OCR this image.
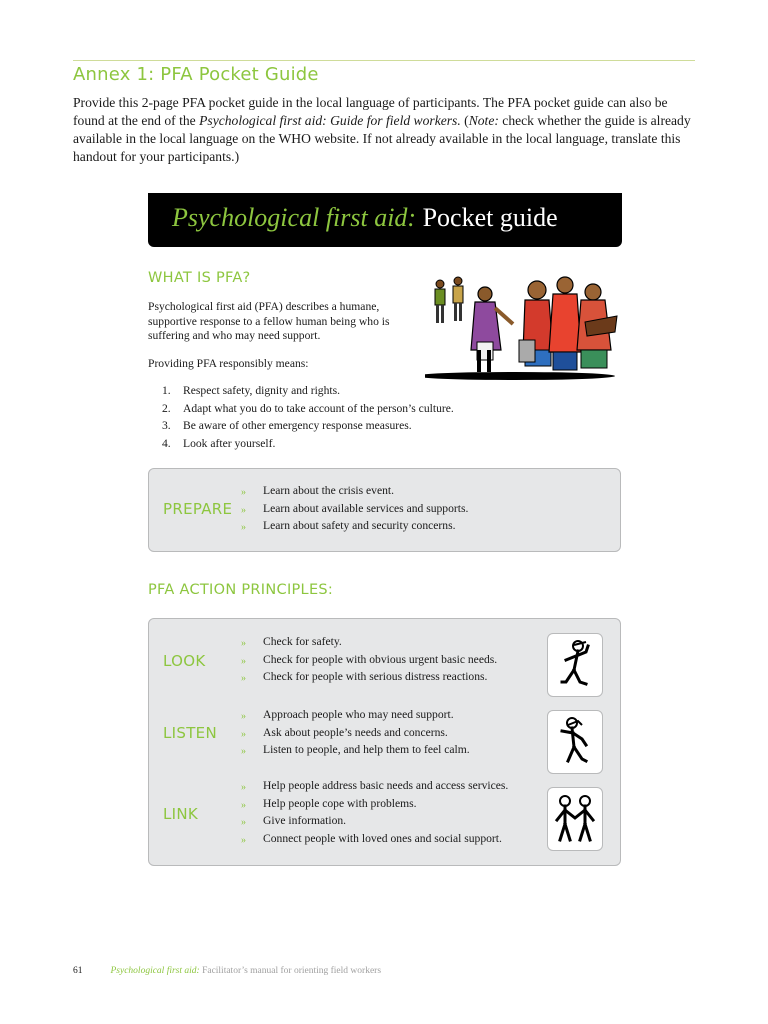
Annex 1: PFA Pocket Guide

Provide this 2-page PFA pocket guide in the local language of participants. The PFA pocket guide can also be found at the end of the Psychological first aid: Guide for field workers. (Note: check whether the guide is already available in the local language on the WHO website. If not already available in the local language, translate this handout for your participants.)

Psychological first aid: Pocket guide
WHAT IS PFA?

Psychological first aid (PFA) describes a humane, supportive response to a fellow human being who is suffering and who may need support.

Providing PFA responsibly means:

1.	Respect safety, dignity and rights.
2.	Adapt what you do to take account of the person’s culture.
3.	Be aware of other emergency response measures.
4.	Look after yourself.
PREPARE
»	Learn about the crisis event.
»	Learn about available services and supports.
»	Learn about safety and security concerns.
PFA ACTION PRINCIPLES:
LOOK
»	Check for safety.
»	Check for people with obvious urgent basic needs.
»	Check for people with serious distress reactions.
LISTEN
»	Approach people who may need support.
»	Ask about people’s needs and concerns.
»	Listen to people, and help them to feel calm.
LINK
»	Help people address basic needs and access services.
»	Help people cope with problems.
»	Give information.
»	Connect people with loved ones and social support.
61	Psychological first aid: Facilitator’s manual for orienting field workers
